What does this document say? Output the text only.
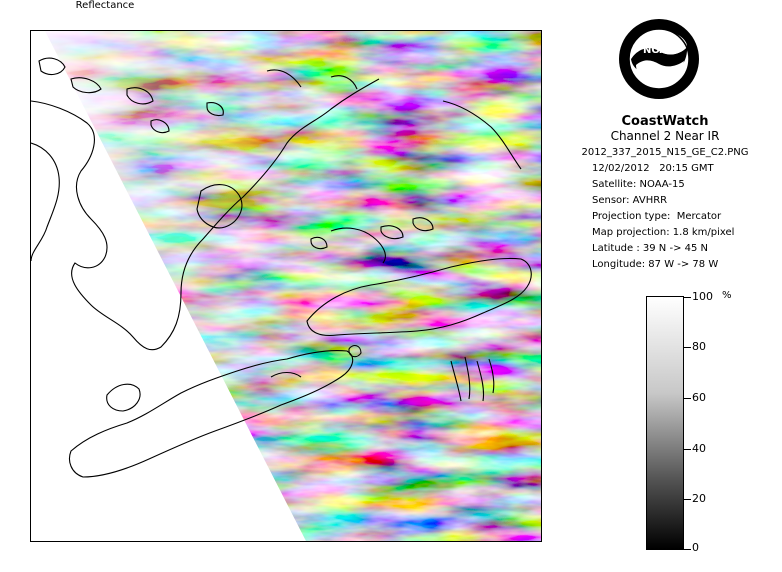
NOAA
CoastWatch
Channel 2 Near IR
2012_337_2015_N15_GE_C2.PNG
12/02/2012 20:15 GMT
Satellite: NOAA-15
Sensor: AVHRR
Projection type: Mercator
Map projection: 1.8 km/pixel
Latitude : 39 N -> 45 N
Longitude: 87 W -> 78 W
Reflectance
%
0
20
40
60
80
100
